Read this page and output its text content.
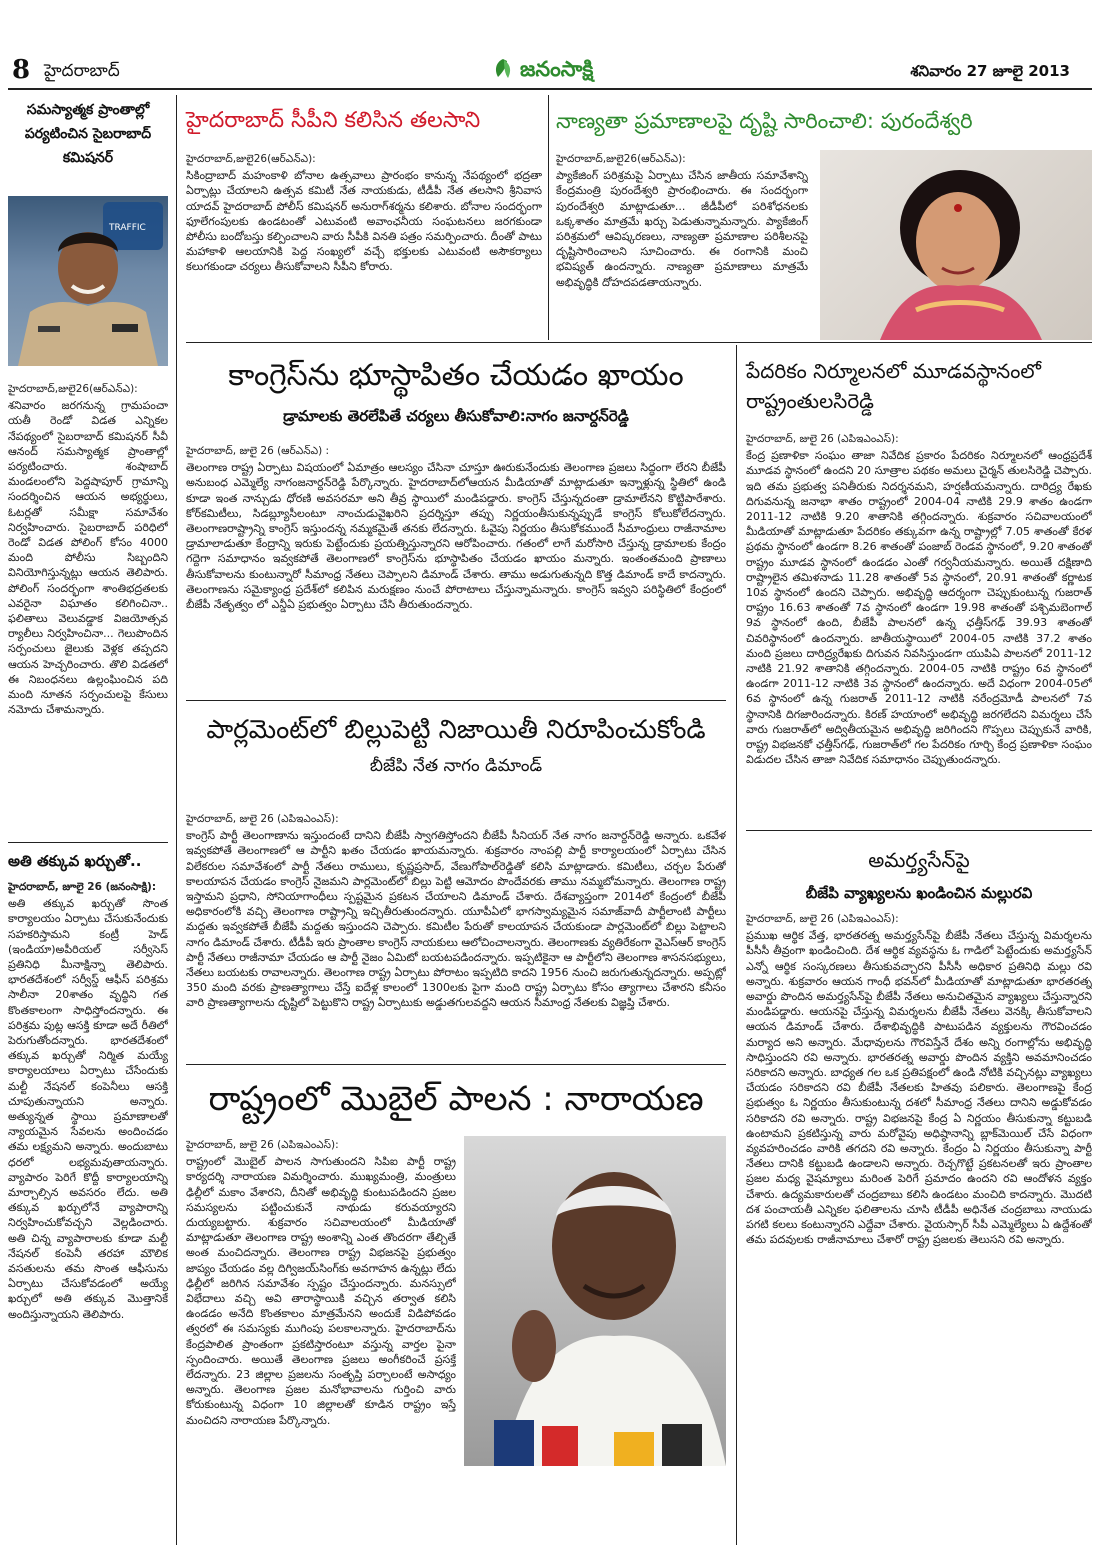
8 హైదరాబాద్	జనంసాక్షి	శనివారం 27 జూలై 2013
సమస్యాత్మక ప్రాంతాల్లో పర్యటించిన సైబరాబాద్ కమిషనర్
TRAFFIC
హైదరాబాద్,జులై26(ఆర్ఎన్ఎ):
శనివారం జరగనున్న గ్రామపంచా యతీ రెండో విడత ఎన్నికల నేపథ్యంలో సైబరాబాద్ కమిషనర్ సీవీ ఆనంద్ సమస్యాత్మక ప్రాంతాల్లో పర్యటించారు. శంషాబాద్ మండలంలోని పెద్దషాపూర్ గ్రామాన్ని సందర్శించిన ఆయన అభ్యర్థులు, ఓటర్లతో సమీక్షా సమావేశం నిర్వహించారు. సైబరాబాద్ పరిధిలో రెండో విడత పోలింగ్ కోసం 4000 మంది పోలీసు సిబ్బందిని వినియోగిస్తున్నట్లు ఆయన తెలిపారు. పోలింగ్ సందర్భంగా శాంతిభద్రతలకు ఎవరైనా విఘాతం కలిగించినా.. ఫలితాలు వెలువడ్డాక విజయోత్సవ ర్యాలీలు నిర్వహించినా... గెలుపొందిన సర్పంచులు జైలుకు వెళ్లక తప్పదని ఆయన హెచ్చరించారు. తొలి విడతలో ఈ నిబంధనలు ఉల్లంఘించిన పది మంది నూతన సర్పంచులపై కేసులు నమోదు చేశామన్నారు.
అతి తక్కువ ఖర్చుతో..
హైదరాబాద్, జూలై 26 (జనంసాక్షి):
అతి తక్కువ ఖర్చుతో సొంత కార్యాలయం ఏర్పాటు చేసుకునేందుకు సహకరిస్తామని కంట్రీ హెడ్ (ఇండియా)అపీరియల్ సర్వీసెస్ ప్రతినిధి మీనాక్షిన్నా తెలిపారు. భారతదేశంలో సర్వీస్డ్ ఆఫీస్ పరిశ్రమ సాలీనా 20శాతం వృద్ధిని గత కొంతకాలంగా సాధిస్తోందన్నారు. ఈ పరిశ్రమ పుట్ల ఆసక్తి కూడా అదే రీతిలో పెరుగుతోందన్నారు. భారతదేశంలో తక్కువ ఖర్చుతో నిర్మిత మయ్యే కార్యాలయాలు ఏర్పాటు చేసేందుకు మల్టీ నేషనల్ కంపెనీలు ఆసక్తి చూపుతున్నాయని అన్నారు. అత్యున్నత స్థాయి ప్రమాణాలతో న్యాయమైన సేవలను అందించడం తమ లక్ష్యమని అన్నారు. అందుబాటు ధరలో లభ్యమవుతాయన్నారు. వ్యాపారం పెరిగే కొద్దీ కార్యాలయాన్ని మార్చాల్సిన అవసరం లేదు. అతి తక్కువ ఖర్చులోనే వ్యాపారాన్ని నిర్వహించుకోవచ్చని వెల్లడించారు. అతి చిన్న వ్యాపారాలకు కూడా మల్టీ నేషనల్ కంపెనీ తరహా మౌలిక వసతులను తమ సొంత ఆఫీసును ఏర్పాటు చేసుకోవడంలో అయ్యే ఖర్చులో అతి తక్కువ మొత్తానికే అందిస్తున్నాయని తెలిపారు.
హైదరాబాద్ సీపీని కలిసిన తలసాని
హైదరాబాద్,జులై26(ఆర్ఎన్ఎ):
సికింద్రాబాద్ మహంకాళి బోనాల ఉత్సవాలు ప్రారంభం కానున్న నేపథ్యంలో భద్రతా ఏర్పాట్లు చేయాలని ఉత్సవ కమిటీ నేత నాయకుడు, టీడీపీ నేత తలసాని శ్రీనివాస యాదవ్ హైదరాబాద్ పోలీస్ కమిషనర్ అనురాగ్‌శర్మను కలిశారు. బోనాల సందర్భంగా ఫూలేగంపులకు ఉండటంతో ఎటువంటి అవాంఛనీయ సంఘటనలు జరగకుండా పోలీసు బందోబస్తు కల్పించాలని వారు సీపీకి వినతి పత్రం సమర్పించారు. దీంతో పాటు మహాకాళి ఆలయానికి పెద్ద సంఖ్యలో వచ్చే భక్తులకు ఎటువంటి అసౌకర్యాలు కలుగకుండా చర్యలు తీసుకోవాలని సీపీని కోరారు.
నాణ్యతా ప్రమాణాలపై దృష్టి సారించాలి: పురందేశ్వరి
హైదరాబాద్,జులై26(ఆర్ఎన్ఎ):
ప్యాకేజింగ్ పరిశ్రమపై ఏర్పాటు చేసిన జాతీయ సమావేశాన్ని కేంద్రమంత్రి పురందేశ్వరి ప్రారంభించారు. ఈ సందర్భంగా పురందేశ్వరి మాట్లాడుతూ... జీడీపీలో పరిశోధనలకు ఒక్కశాతం మాత్రమే ఖర్చు పెడుతున్నామన్నారు. ప్యాకేజింగ్ పరిశ్రమలో ఆవిష్కరణలు, నాణ్యతా ప్రమాణాల పరిశీలనపై దృష్టిసారించాలని సూచించారు. ఈ రంగానికి మంచి భవిష్యత్ ఉందన్నారు. నాణ్యతా ప్రమాణాలు మాత్రమే అభివృద్ధికి దోహదపడతాయన్నారు.
కాంగ్రెస్‌ను భూస్థాపితం చేయడం ఖాయం
డ్రామాలకు తెరలేపితే చర్యలు తీసుకోవాలి:నాగం జనార్దన్‌రెడ్డి
హైదరాబాద్, జులై 26 (ఆర్ఎన్ఎ) :
తెలంగాణ రాష్ట్ర ఏర్పాటు విషయంలో ఏమాత్రం ఆలస్యం చేసినా చూస్తూ ఊరుకునేందుకు తెలంగాణ ప్రజలు సిద్ధంగా లేరని బీజేపీ అనుబంధ ఎమ్మెల్యే నాగంజనార్దన్‌రెడ్డి పేర్కొన్నారు. హైదరాబాద్‌లోఆయన మీడియాతో మాట్లాడుతూ ఇన్నాళ్లున్న స్థితిలో ఉండి కూడా ఇంత నాన్చుడు ధోరణి అవసరమా అని తీవ్ర స్థాయిలో మండిపడ్డారు. కాంగ్రెస్ చేస్తున్నదంతా డ్రామాలేనని కొట్టిపారేశారు. కోర్‌కమిటీలు, సిడబ్ల్యూసీలంటూ నాంచుడువైఖరిని ప్రదర్శిస్తూ తప్పు నిర్ణయంతీసుకున్నప్పుడే కాంగ్రెస్ కోలుకోలేదన్నారు. తెలంగాణరాష్ట్రాన్ని కాంగ్రెస్ ఇస్తుందన్న నమ్మకమైతే తనకు లేదన్నారు. ఓవైపు నిర్ణయం తీసుకోకముందే సీమాంధ్రులు రాజీనామాల డ్రామాలాడుతూ కేంద్రాన్ని ఇరుకు పెట్టేందుకు ప్రయత్నిస్తున్నారని ఆరోపించారు. గతంలో లాగే మరోసారి చేస్తున్న డ్రామాలకు కేంద్రం గద్దెగా సమాధానం ఇవ్వకపోతే తెలంగాణలో కాంగ్రెస్‌ను భూస్థాపితం చేయడం ఖాయం మన్నారు. ఇంతంతమంది ప్రాణాలు తీసుకోవాలను కుంటున్నారో సీమాంధ్ర నేతలు చెప్పాలని డిమాండ్ చేశారు. తాము అడుగుతున్నది కొత్త డిమాండ్ కాదే కాదన్నారు. తెలంగాణను సమైక్యాంధ్ర ప్రదేశ్‌లో కలిపిన మరుక్షణం నుంచే పోరాటాలు చేస్తున్నామన్నారు. కాంగ్రెస్ ఇవ్వని పరిస్థితిలో కేంద్రంలో బీజేపీ నేతృత్వం లో ఎన్డీఏ ప్రభుత్వం ఏర్పాటు చేసి తీరుతుందన్నారు.
పార్లమెంట్‌లో బిల్లుపెట్టి నిజాయితీ నిరూపించుకోండి
బీజేపి నేత నాగం డిమాండ్
హైదరాబాద్, జులై 26 (ఎపిఇఎంఎస్):
కాంగ్రెస్ పార్టీ తెలంగాణాను ఇస్తుందంటే దానిని బీజేపీ స్వాగతిస్తోందని బీజేపీ సీనియర్ నేత నాగం జనార్దన్‌రెడ్డి అన్నారు. ఒకవేళ ఇవ్వకపోతే తెలంగాణలో ఆ పార్టీని ఖతం చేయడం ఖాయమన్నారు. శుక్రవారం నాంపల్లి పార్టీ కార్యాలయంలో ఏర్పాటు చేసిన విలేకరుల సమావేశంలో పార్టీ నేతలు రాములు, కృష్ణప్రసాద్, వేణుగోపాల్‌రెడ్డితో కలిసి మాట్లాడారు. కమిటీలు, చర్చల పేరుతో కాలయాపన చేయడం కాంగ్రెస్ నైజమని పార్లమెంట్‌లో బిల్లు పెట్టి ఆమోదం పొందేవరకు తాము నమ్మబోమన్నారు. తెలంగాణ రాష్ట్ర ఇస్తామని ప్రధాని, సోనియాగాంధీలు స్పష్టమైన ప్రకటన చేయాలని డిమాండ్ చేశారు. దేశవ్యాప్తంగా 2014లో కేంద్రంలో బీజేపీ అధికారంలోకి వచ్చి తెలంగాణ రాష్ట్రాన్ని ఇచ్చితీరుతుందన్నారు. యూపీఏలో భాగస్వామ్యమైన సమాజ్‌వాదీ పార్టీలాంటి పార్టీలు మద్దతు ఇవ్వకపోతే బీజేపీ మద్దతు ఇస్తుందని చెప్పారు. కమిటీల పేరుతో కాలయాపన చేయకుండా పార్లమెంట్‌లో బిల్లు పెట్టాలని నాగం డిమాండ్ చేశారు. టీడీపీ ఇరు ప్రాంతాల కాంగ్రెస్ నాయకులు ఆలోచించాలన్నారు. తెలంగాణకు వ్యతిరేకంగా వైఎస్ఆర్ కాంగ్రెస్ పార్టీ నేతలు రాజీనామా చేయడం ఆ పార్టీ నైజం ఏమిటో బయటపడిందన్నారు. ఇప్పటికైనా ఆ పార్టీలోని తెలంగాణ శాసనసభ్యులు, నేతలు బయటకు రావాలన్నారు. తెలంగాణ రాష్ట్ర ఏర్పాటు పోరాటం ఇప్పటిది కాదని 1956 నుంచి జరుగుతున్నదన్నారు. అప్పట్లో 350 మంది వరకు ప్రాణత్యాగాలు చేస్తే ఐదేళ్ల కాలంలో 1300లకు పైగా మంది రాష్ట్ర ఏర్పాటు కోసం త్యాగాలు చేశారని కనీసం వారి ప్రాణత్యాగాలను దృష్టిలో పెట్టుకొని రాష్ట్ర ఏర్పాటుకు అడ్డుతగులవద్దని ఆయన సీమాంధ్ర నేతలకు విజ్ఞప్తి చేశారు.
రాష్ట్రంలో మొబైల్ పాలన : నారాయణ
హైదరాబాద్, జులై 26 (ఎపిఇఎంఎస్):
రాష్ట్రంలో మొబైల్ పాలన సాగుతుందని సిపిఐ పార్టీ రాష్ట్ర కార్యదర్శి నారాయణ విమర్శించారు. ముఖ్యమంత్రి, మంత్రులు ఢిల్లీలో మకాం వేశారని, దీనితో అభివృద్ధి కుంటుపడిందని ప్రజల సమస్యలను పట్టించుకునే నాథుడు కరువయ్యారని దుయ్యబట్టారు. శుక్రవారం సచివాలయంలో మీడియాతో మాట్లాడుతూ తెలంగాణ రాష్ట్ర అంశాన్ని ఎంత తొందరగా తేల్చితే అంత మంచిదన్నారు. తెలంగాణ రాష్ట్ర విభజనపై ప్రభుత్వం జాప్యం చేయడం వల్ల దిగ్విజయ్‌సింగ్‌కు అవగాహన ఉన్నట్లు లేదు ఢిల్లీలో జరిగిన సమావేశం స్పష్టం చేస్తుందన్నారు. మనస్సులో విభేదాలు వచ్చి అవి తారాస్థాయికి వచ్చిన తర్వాత కలిసి ఉండడం అనేది కొంతకాలం మాత్రమేనని అందుకే విడిపోవడం త్వరలో ఈ సమస్యకు ముగింపు పలకాలన్నారు. హైదరాబాద్‌ను కేంద్రపాలిత ప్రాంతంగా ప్రకటిస్తారంటూ వస్తున్న వార్తల పైనా స్పందించారు. అయితే తెలంగాణ ప్రజలు అంగీకరించే ప్రసక్తే లేదన్నారు. 23 జిల్లాల ప్రజలను సంతృప్తి పర్చాలంటే అసాధ్యం అన్నారు. తెలంగాణ ప్రజల మనోభావాలను గుర్తించి వారు కోరుకుంటున్న విధంగా 10 జిల్లాలతో కూడిన రాష్ట్రం ఇస్తే మంచిదని నారాయణ పేర్కొన్నారు.
పేదరికం నిర్మూలనలో మూడవస్థానంలో రాష్ట్రంతులసిరెడ్డి
హైదరాబాద్, జులై 26 (ఎపిఇఎంఎస్):
కేంద్ర ప్రణాళికా సంఘం తాజా నివేదిక ప్రకారం పేదరికం నిర్మూలనలో ఆంధ్రప్రదేశ్ మూడవ స్థానంలో ఉందని 20 సూత్రాల పథకం అమలు చైర్మన్ తులసిరెడ్డి చెప్పారు. ఇది తమ ప్రభుత్వ పనితీరుకు నిదర్శనమని, హర్షణీయమన్నారు. దారిద్ర్య రేఖకు దిగువనున్న జనాభా శాతం రాష్ట్రంలో 2004-04 నాటికి 29.9 శాతం ఉండగా 2011-12 నాటికి 9.20 శాతానికి తగ్గిందన్నారు. శుక్రవారం సచివాలయంలో మీడియాతో మాట్లాడుతూ పేదరికం తక్కువగా ఉన్న రాష్ట్రాల్లో 7.05 శాతంతో కేరళ ప్రథమ స్థానంలో ఉండగా 8.26 శాతంతో పంజాబ్ రెండవ స్థానంలో, 9.20 శాతంతో రాష్ట్రం మూడవ స్థానంలో ఉండడం ఎంతో గర్వనీయమన్నారు. అయితే దక్షిణాది రాష్ట్రాలైన తమిళనాడు 11.28 శాతంతో 5వ స్థానంలో, 20.91 శాతంతో కర్ణాటక 10వ స్థానంలో ఉందని చెప్పారు. అభివృద్ధి ఆదర్శంగా చెప్పుకుంటున్న గుజరాత్ రాష్ట్రం 16.63 శాతంతో 7వ స్థానంలో ఉండగా 19.98 శాతంతో పశ్చిమబెంగాల్ 9వ స్థానంలో ఉంది, బీజేపీ పాలనలో ఉన్న ఛత్తీస్‌గఢ్ 39.93 శాతంతో చివరిస్థానంలో ఉందన్నారు. జాతీయస్థాయిలో 2004-05 నాటికి 37.2 శాతం మంది ప్రజలు దారిద్ర్యరేఖకు దిగువన నివసిస్తుండగా యుపిఏ పాలనలో 2011-12 నాటికి 21.92 శాతానికి తగ్గిందన్నారు. 2004-05 నాటికి రాష్ట్రం 6వ స్థానంలో ఉండగా 2011-12 నాటికి 3వ స్థానంలో ఉందన్నారు. అదే విధంగా 2004-05లో 6వ స్థానంలో ఉన్న గుజరాత్ 2011-12 నాటికి నరేంద్రమోడీ పాలనలో 7వ స్థానానికి దిగజారిందన్నారు. కిరణ్ హయాంలో అభివృద్ధి జరగలేదని విమర్శలు చేసే వారు గుజరాత్‌లో అద్వితీయమైన అభివృద్ధి జరిగిందని గొప్పలు చెప్పుకునే వారికి, రాష్ట్ర విభజనకో ఛత్తీస్‌గఢ్, గుజరాత్‌లో గల పేదరికం గూర్చి కేంద్ర ప్రణాళికా సంఘం విడుదల చేసిన తాజా నివేదిక సమాధానం చెప్పుతుందన్నారు.
అమర్త్యసేన్‌పై
బీజేపి వ్యాఖ్యలను ఖండించిన మల్లురవి
హైదరాబాద్, జులై 26 (ఎపిఇఎంఎస్):
ప్రముఖ ఆర్థిక వేత్త, భారతరత్న అమర్త్యసేన్‌పై బీజేపీ నేతలు చేస్తున్న విమర్శలను పీసీసీ తీవ్రంగా ఖండించింది. దేశ ఆర్థిక వ్యవస్థను ఓ గాడిలో పెట్టేందుకు అమర్త్యసేన్ ఎన్నో ఆర్థిక సంస్కరణలు తీసుకువచ్చారని పీసీసీ అధికార ప్రతినిధి మల్లు రవి అన్నారు. శుక్రవారం ఆయన గాంధీ భవన్‌లో మీడియాతో మాట్లాడుతూ భారతరత్న అవార్డు పొందిన అమర్త్యసేన్‌పై బీజేపీ నేతలు అనుచితమైన వ్యాఖ్యలు చేస్తున్నారని మండిపడ్డారు. ఆయనపై చేస్తున్న విమర్శలను బీజేపీ నేతలు వెనక్కి తీసుకోవాలని ఆయన డిమాండ్ చేశారు. దేశాభివృద్ధికి పాటుపడిన వ్యక్తులను గౌరవించడం మర్యాద అని అన్నారు. మేధావులను గౌరవిస్తేనే దేశం అన్ని రంగాల్లోను అభివృద్ధి సాధిస్తుందని రవి అన్నారు. భారతరత్న అవార్డు పొందిన వ్యక్తిని అవమానించడం సరికాదని అన్నారు. బాధ్యత గల ఒక ప్రతిపక్షంలో ఉండి నోటికి వచ్చినట్లు వ్యాఖ్యలు చేయడం సరికాదని రవి బీజేపీ నేతలకు హితవు పలికారు. తెలంగాణపై కేంద్ర ప్రభుత్వం ఓ నిర్ణయం తీసుకుంటున్న దశలో సీమాంధ్ర నేతలు దానిని అడ్డుకోవడం సరికాదని రవి అన్నారు. రాష్ట్ర విభజనపై కేంద్ర ఏ నిర్ణయం తీసుకున్నా కట్టుబడి ఉంటామని ప్రకటిస్తున్న వారు మరోవైపు అధిష్ఠానాన్ని బ్లాక్‌మెయిల్ చేసే విధంగా వ్యవహరించడం వారికి తగదని రవి అన్నారు. కేంద్రం ఏ నిర్ణయం తీసుకున్నా పార్టీ నేతలు దానికి కట్టుబడి ఉండాలని అన్నారు. రెచ్చగొట్టే ప్రకటనలతో ఇరు ప్రాంతాల ప్రజల మధ్య వైషమ్యాలు మరింత పెరిగే ప్రమాదం ఉందని రవి ఆందోళన వ్యక్తం చేశారు. ఉద్యమకారులతో చంద్రబాబు కలిసి ఉండటం మంచిది కాదన్నారు. మొదటి దశ పంచాయతీ ఎన్నికల ఫలితాలను చూసి టీడీపీ అధినేత చంద్రబాబు నాయుడు పగటి కలలు కంటున్నారని ఎద్దేవా చేశారు. వైయస్సార్ సీపీ ఎమ్మెల్యేలు ఏ ఉద్దేశంతో తమ పదవులకు రాజీనామాలు చేశారో రాష్ట్ర ప్రజలకు తెలుసని రవి అన్నారు.
